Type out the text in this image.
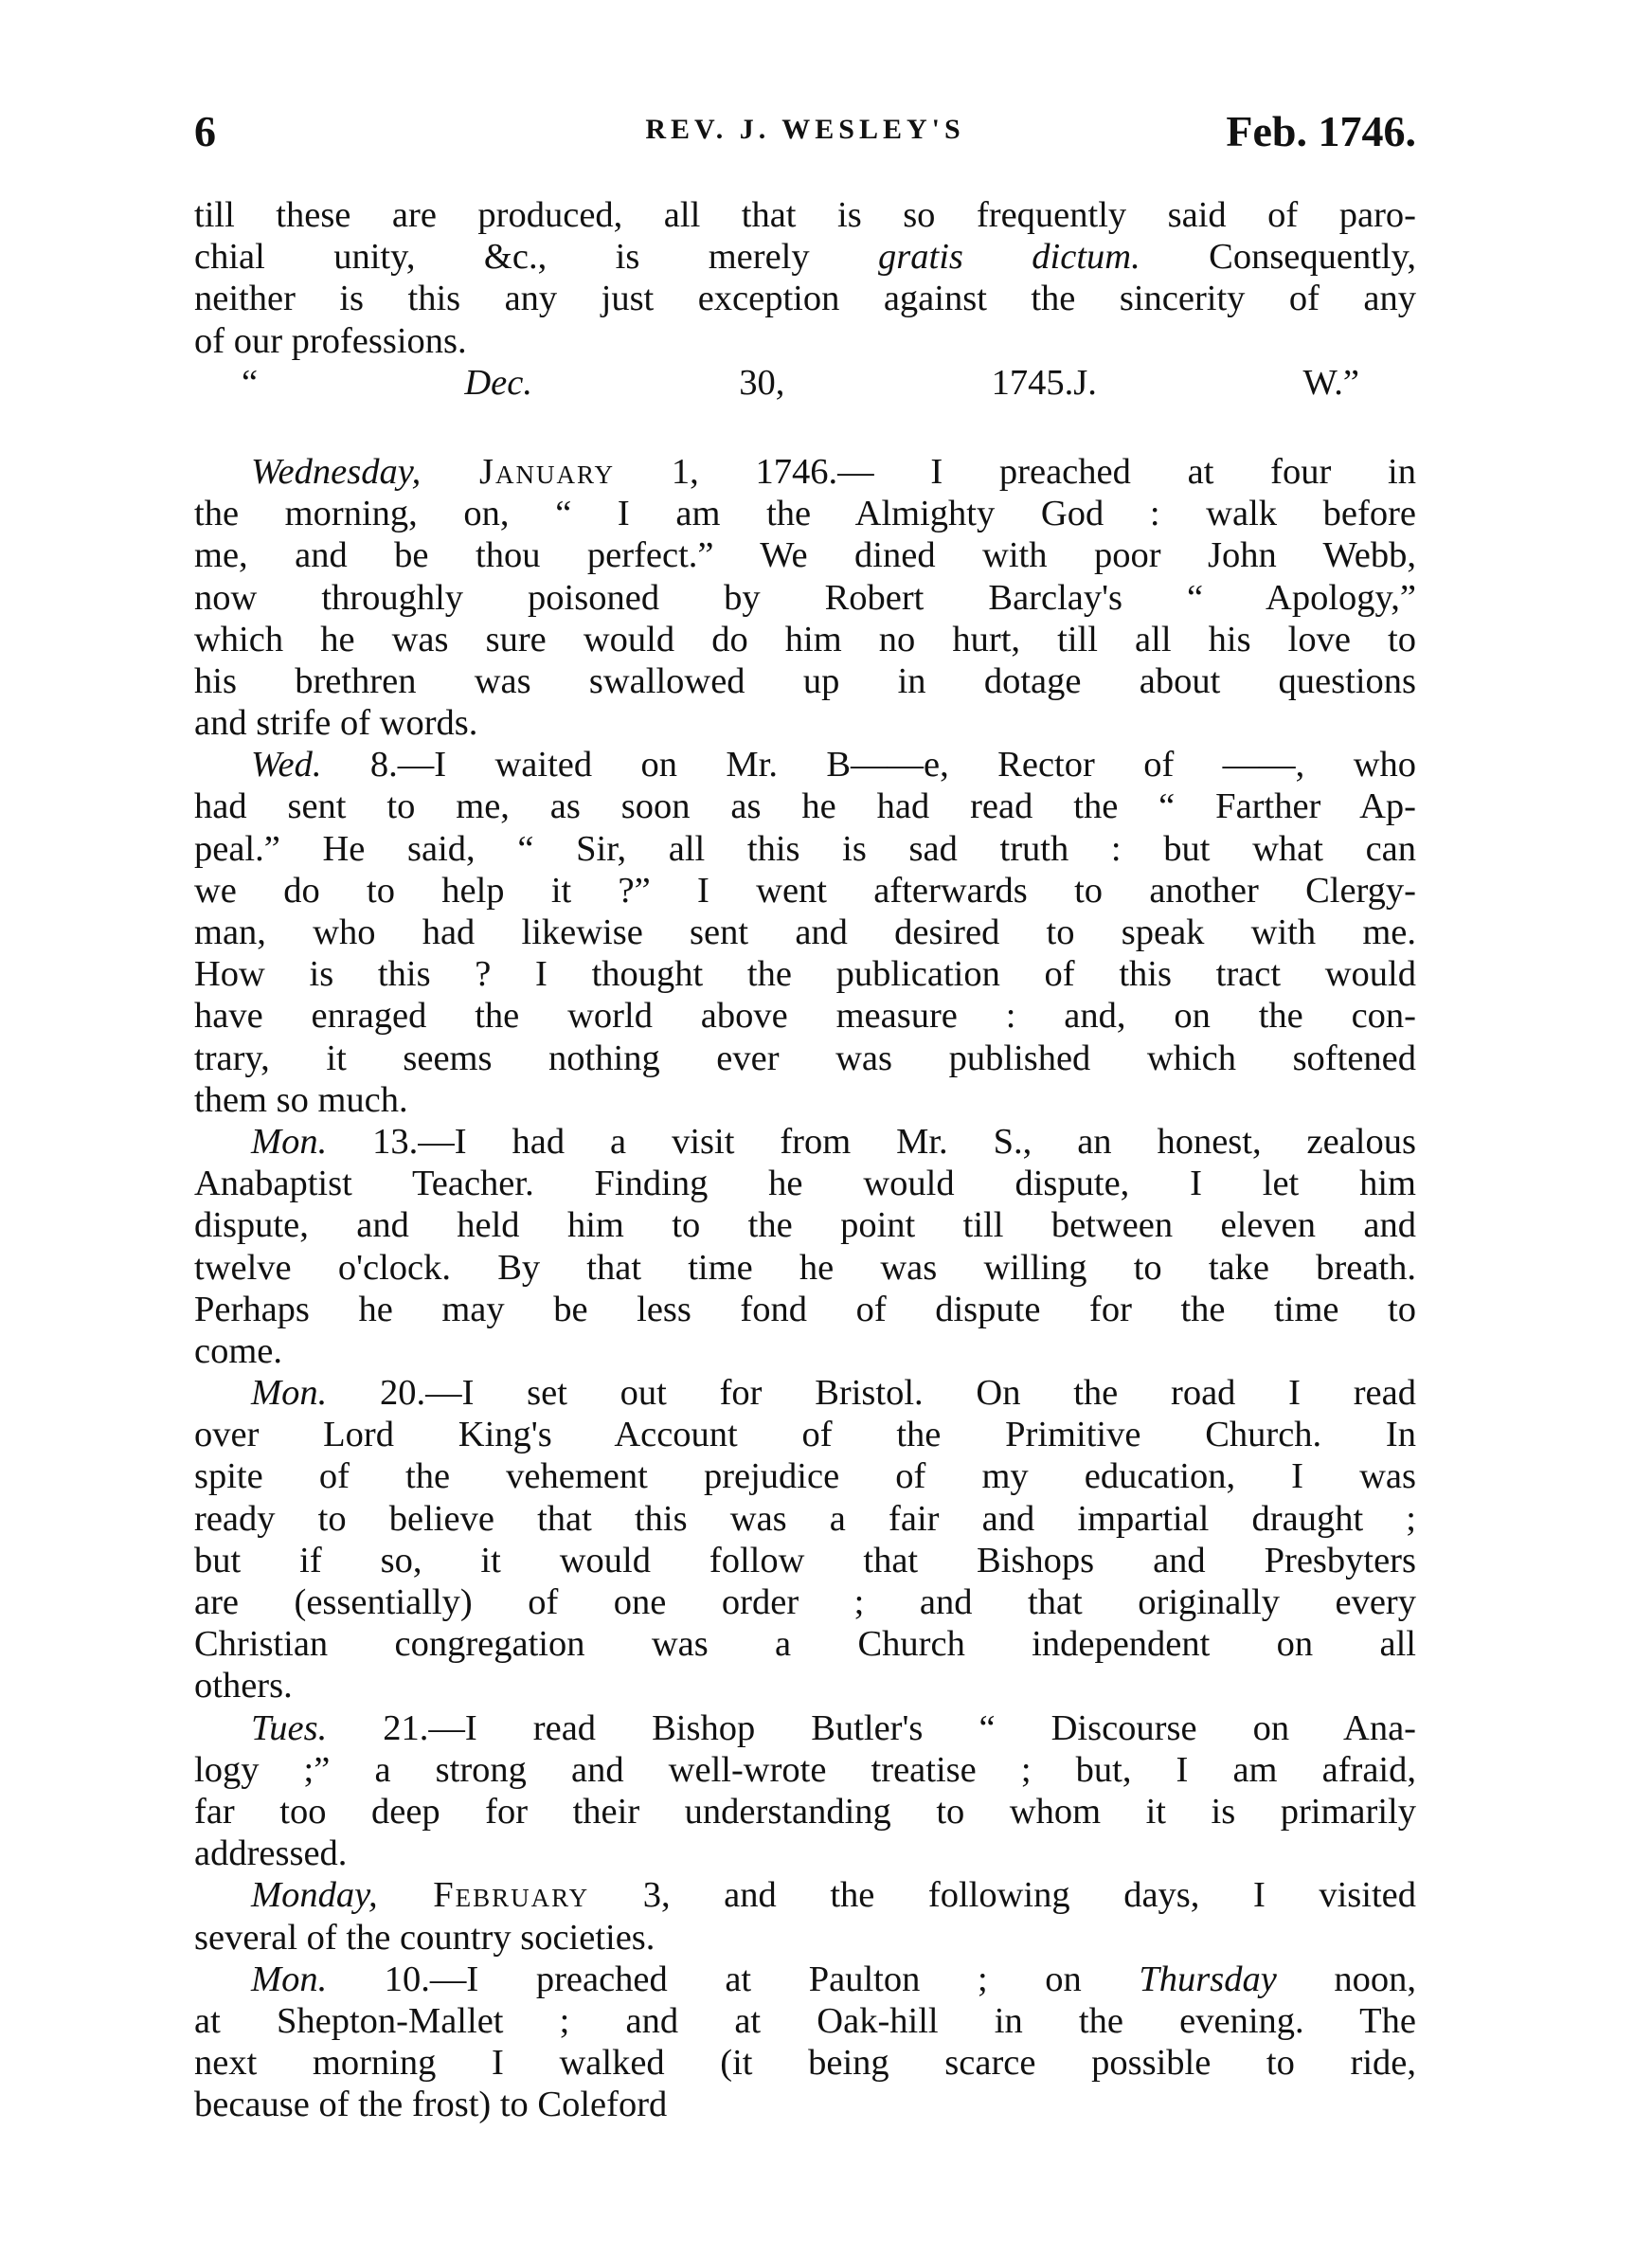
6	REV. J. WESLEY'S	Feb. 1746.
till these are produced, all that is so frequently said of paro-
chial unity, &c., is merely gratis dictum. Consequently,
neither is this any just exception against the sincerity of any
of our professions.
“ Dec. 30, 1745.J. W.”
Wednesday, January 1, 1746.— I preached at four in
the morning, on, “ I am the Almighty God : walk before
me, and be thou perfect.” We dined with poor John Webb,
now throughly poisoned by Robert Barclay's “ Apology,”
which he was sure would do him no hurt, till all his love to
his brethren was swallowed up in dotage about questions
and strife of words.
Wed. 8.—I waited on Mr. B——e, Rector of ——, who
had sent to me, as soon as he had read the “ Farther Ap-
peal.” He said, “ Sir, all this is sad truth : but what can
we do to help it ?” I went afterwards to another Clergy-
man, who had likewise sent and desired to speak with me.
How is this ? I thought the publication of this tract would
have enraged the world above measure : and, on the con-
trary, it seems nothing ever was published which softened
them so much.
Mon. 13.—I had a visit from Mr. S., an honest, zealous
Anabaptist Teacher. Finding he would dispute, I let him
dispute, and held him to the point till between eleven and
twelve o'clock. By that time he was willing to take breath.
Perhaps he may be less fond of dispute for the time to
come.
Mon. 20.—I set out for Bristol. On the road I read
over Lord King's Account of the Primitive Church. In
spite of the vehement prejudice of my education, I was
ready to believe that this was a fair and impartial draught ;
but if so, it would follow that Bishops and Presbyters
are (essentially) of one order ; and that originally every
Christian congregation was a Church independent on all
others.
Tues. 21.—I read Bishop Butler's “ Discourse on Ana-
logy ;” a strong and well-wrote treatise ; but, I am afraid,
far too deep for their understanding to whom it is primarily
addressed.
Monday, February 3, and the following days, I visited
several of the country societies.
Mon. 10.—I preached at Paulton ; on Thursday noon,
at Shepton-Mallet ; and at Oak-hill in the evening. The
next morning I walked (it being scarce possible to ride,
because of the frost) to Coleford
